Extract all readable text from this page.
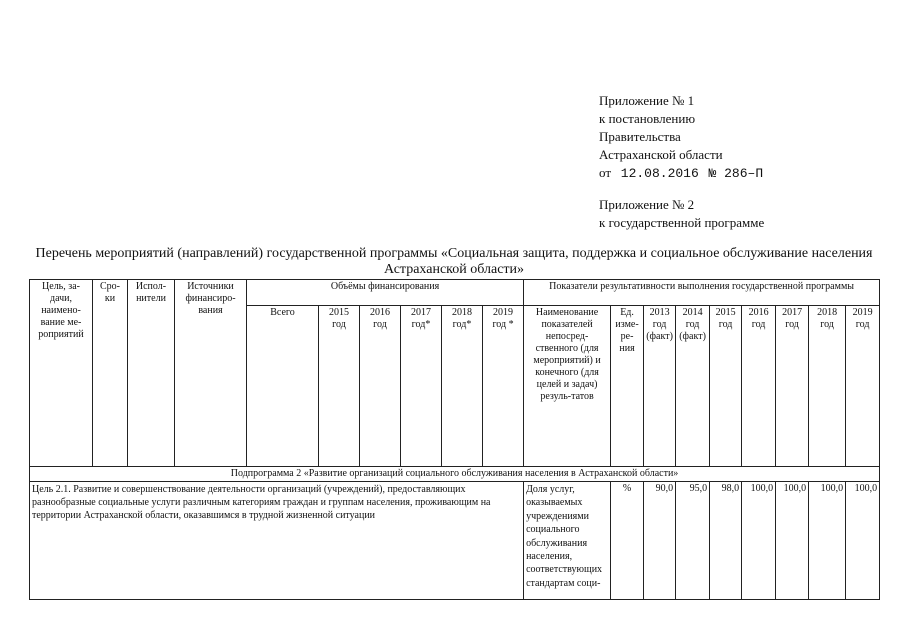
Приложение № 1
к постановлению
Правительства
Астраханской области
от 12.08.2016 № 286–П
Приложение № 2
к государственной программе
Перечень мероприятий (направлений) государственной программы «Социальная защита, поддержка и социальное обслуживание населения Астраханской области»
Цель, за-дачи, наимено-вание ме-роприятий	Сро-ки	Испол-нители	Источники финансиро-вания	Объёмы финансирования						Показатели результативности выполнения государственной программы								
				Всего	2015 год	2016 год	2017 год*	2018 год*	2019 год *	Наименование показателей непосред-ственного (для мероприятий) и конечного (для целей и задач) резуль-татов	Ед. изме-ре-ния	2013 год (факт)	2014 год (факт)	2015 год	2016 год	2017 год	2018 год	2019 год
Подпрограмма 2 «Развитие организаций социального обслуживания населения в Астраханской области»																		
Цель 2.1. Развитие и совершенствование деятельности организаций (учреждений), предоставляющих разнообразные социальные услуги различным категориям граждан и группам населения, проживающим на территории Астраханской области, оказавшимся в трудной жизненной ситуации										Доля услуг, оказываемых учреждениями социального обслуживания населения, соответствующих стандартам соци-	%	90,0	95,0	98,0	100,0	100,0	100,0	100,0
